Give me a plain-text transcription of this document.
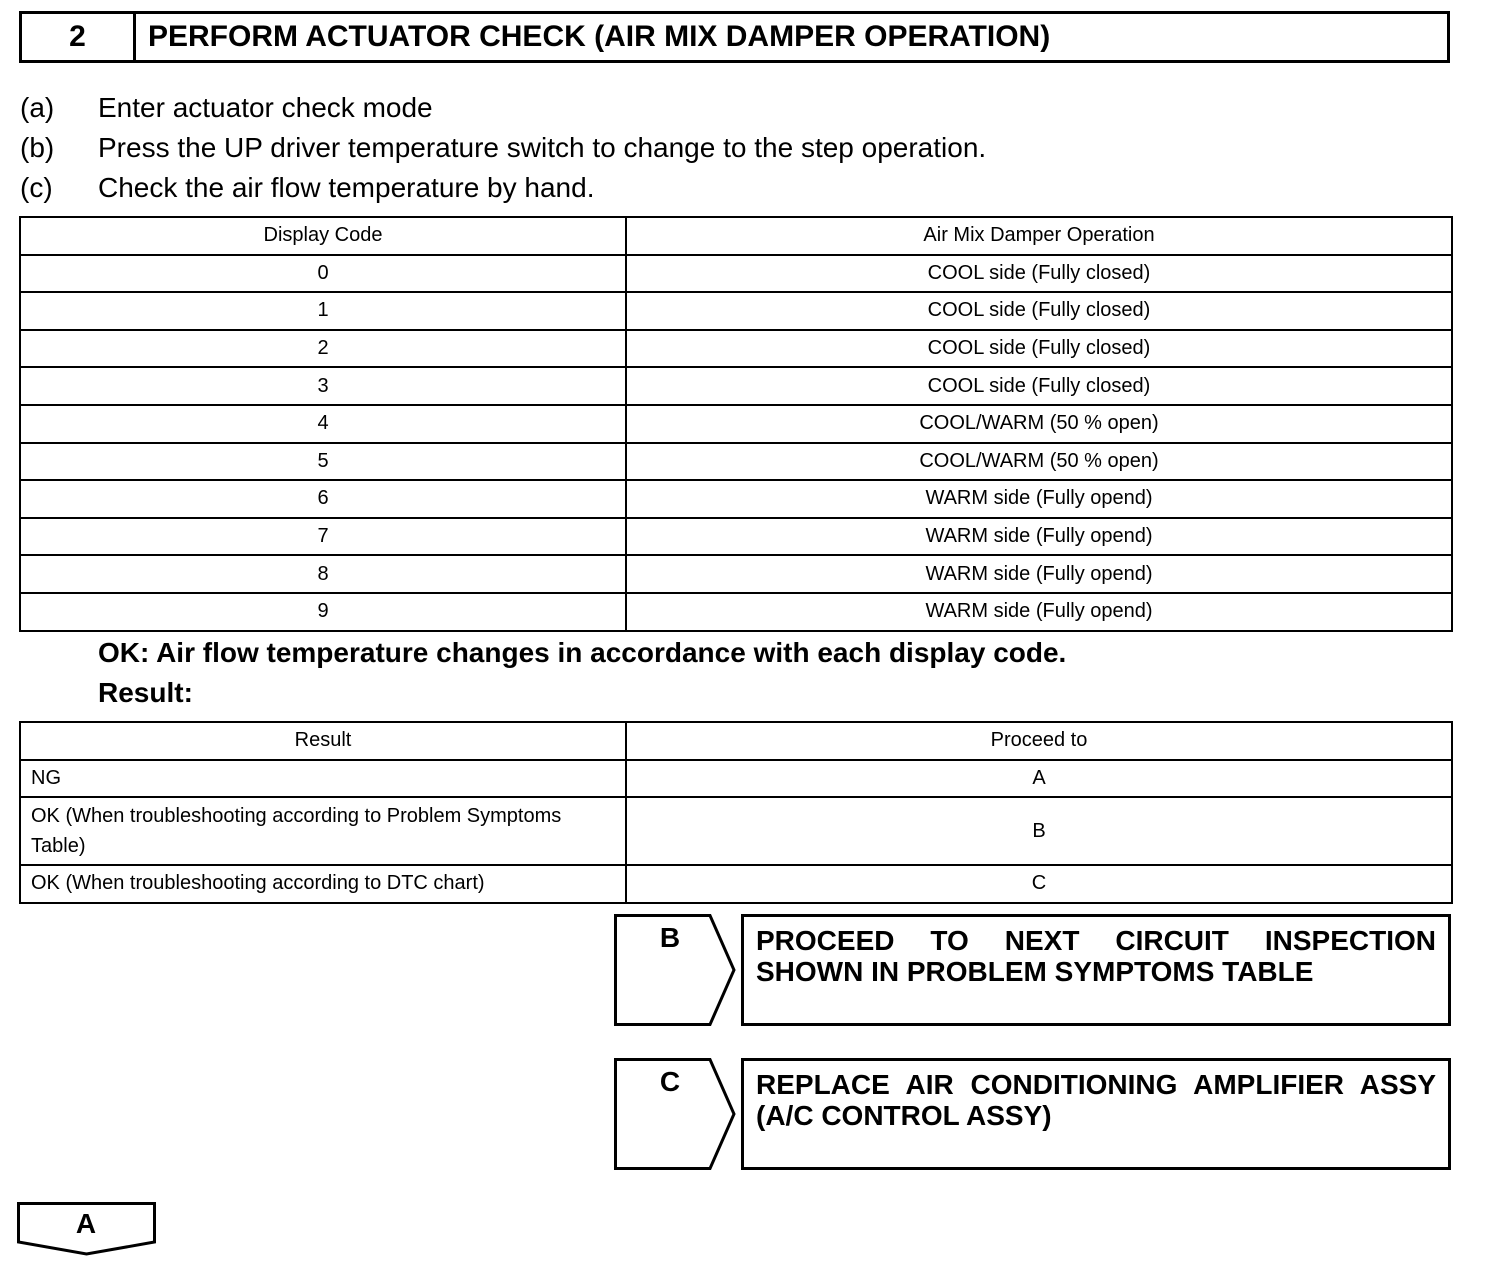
2	PERFORM ACTUATOR CHECK (AIR MIX DAMPER OPERATION)
(a) Enter actuator check mode
(b) Press the UP driver temperature switch to change to the step operation.
(c) Check the air flow temperature by hand.
Display Code	Air Mix Damper Operation
0	COOL side (Fully closed)
1	COOL side (Fully closed)
2	COOL side (Fully closed)
3	COOL side (Fully closed)
4	COOL/WARM (50 % open)
5	COOL/WARM (50 % open)
6	WARM side (Fully opend)
7	WARM side (Fully opend)
8	WARM side (Fully opend)
9	WARM side (Fully opend)
OK: Air flow temperature changes in accordance with each display code.
Result:
Result	Proceed to
NG	A
OK (When troubleshooting according to Problem Symptoms Table)	B
OK (When troubleshooting according to DTC chart)	C
B	PROCEED TO NEXT CIRCUIT INSPECTION SHOWN IN PROBLEM SYMPTOMS TABLE
C	REPLACE AIR CONDITIONING AMPLIFIER ASSY (A/C CONTROL ASSY)
A
